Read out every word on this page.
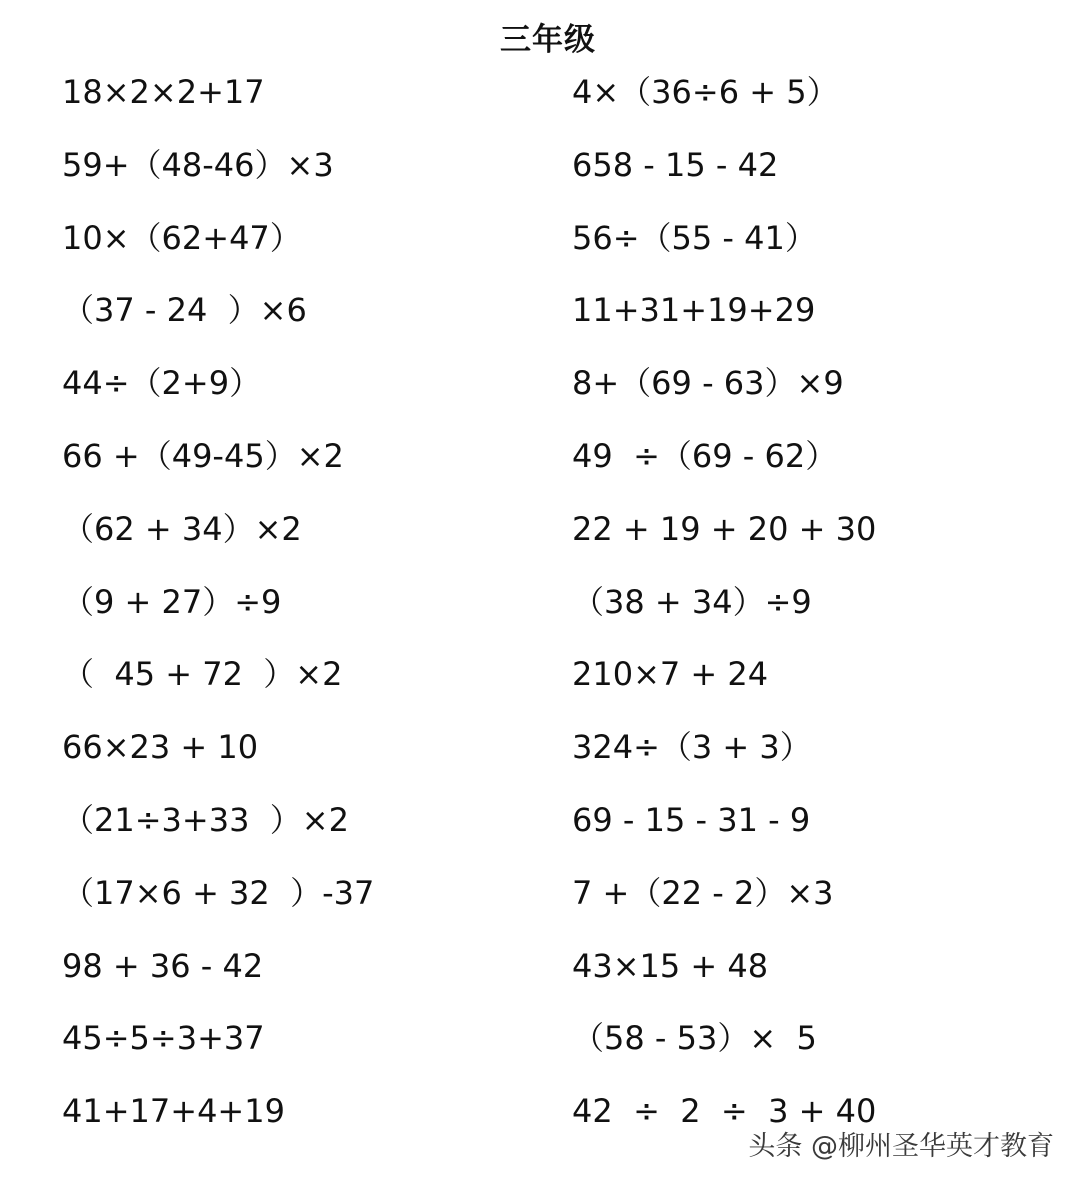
三年级
18×2×2+17
59+（48-46）×3
10×（62+47）
（37 - 24  ）×6
44÷（2+9）
66 +（49-45）×2
（62 + 34）×2
（9 + 27）÷9
（  45 + 72  ）×2
66×23 + 10
（21÷3+33  ）×2
（17×6 + 32  ）-37
98 + 36 - 42
45÷5÷3+37
41+17+4+19
4×（36÷6 + 5）
658 - 15 - 42
56÷（55 - 41）
11+31+19+29
8+（69 - 63）×9
49  ÷（69 - 62）
22 + 19 + 20 + 30
（38 + 34）÷9
210×7 + 24
324÷（3 + 3）
69 - 15 - 31 - 9
7 +（22 - 2）×3
43×15 + 48
（58 - 53）×  5
42  ÷  2  ÷  3 + 40
头条 @柳州圣华英才教育
